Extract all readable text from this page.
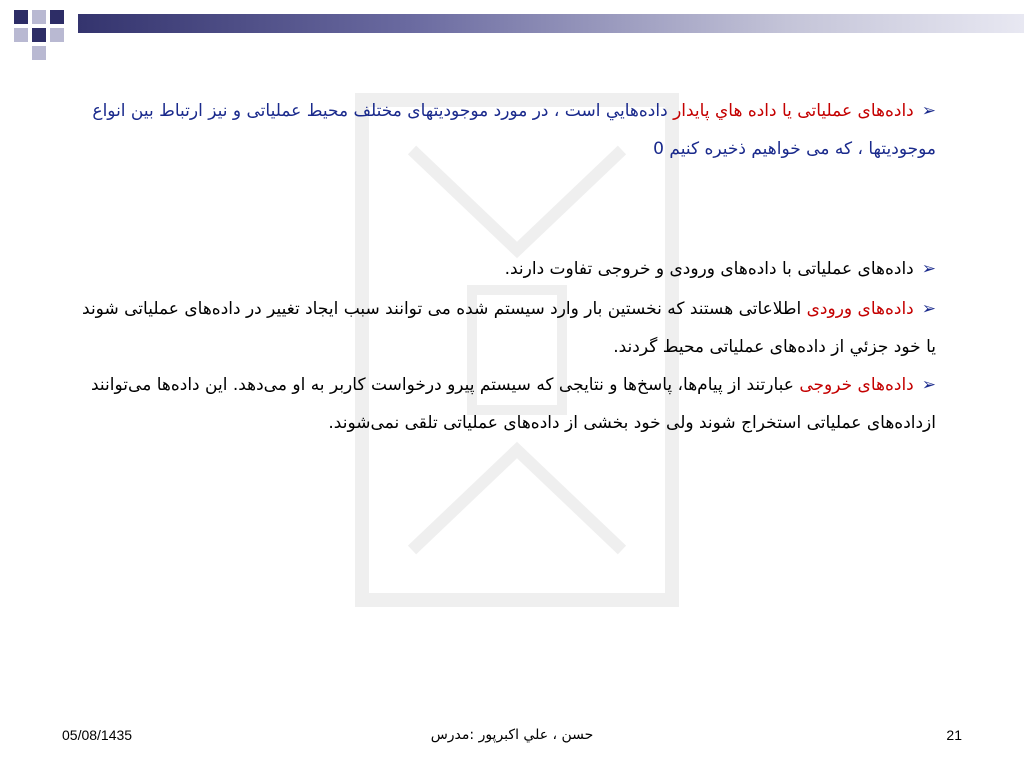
➢داده‌های عملیاتی یا داده هاي پايدار داده‌هايي است ، در مورد موجوديتهای مختلف محیط عملیاتی و نیز ارتباط بین انواع موجودیتها ، که می خواهیم ذخیره کنیم 0
➢داده‌های عملیاتی با داده‌های ورودی و خروجی تفاوت دارند.
➢داده‌های ورودی اطلاعاتی هستند که نخستین بار وارد سیستم شده می توانند سبب ایجاد تغییر در داده‌های عملیاتی شوند یا خود جزئي از داده‌های عملیاتی محیط گردند.
➢داده‌های خروجی عبارتند از پیام‌ها، پاسخ‌ها و نتایجی که سیستم پیرو درخواست کاربر به او می‌دهد. این داده‌ها می‌توانند ازداده‌های عملیاتی استخراج شوند ولی خود بخشی از داده‌های عملیاتی تلقی نمی‌شوند.
05/08/1435	حسن ، علي اكبرپور :مدرس	21
